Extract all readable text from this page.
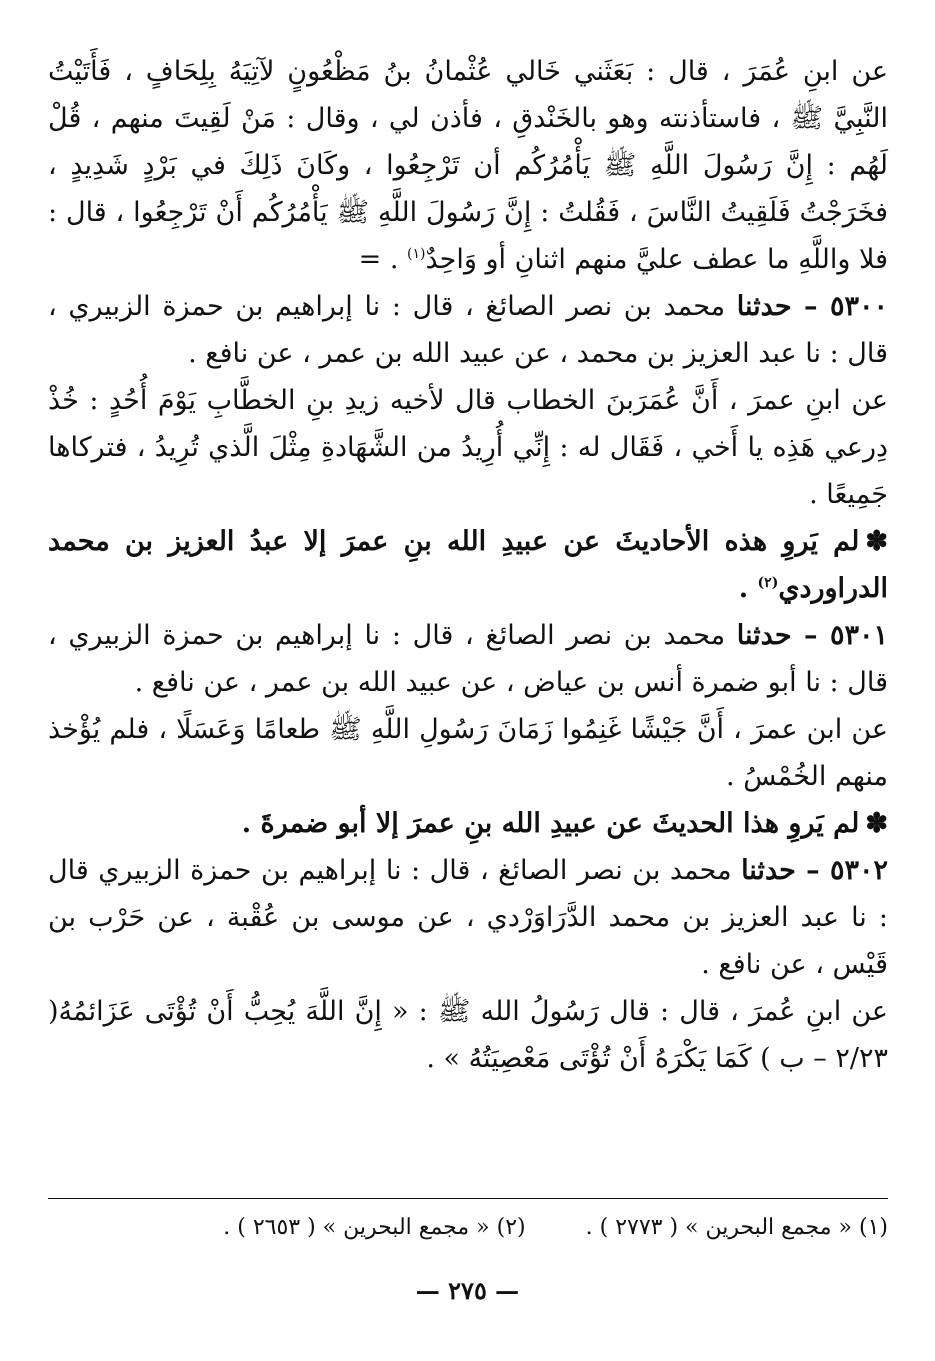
عن ابنِ عُمَرَ ، قال : بَعَثَني خَالي عُثْمانُ بنُ مَظْعُونٍ لآتِيَهُ بِلِحَافٍ ، فَأَتَيْتُ النَّبِيَّ ﷺ ، فاستأذنته وهو بالخَنْدقِ ، فأذن لي ، وقال : مَنْ لَقِيتَ منهم ، قُلْ لَهُم : إِنَّ رَسُولَ اللَّهِ ﷺ يَأْمُرُكُم أن تَرْجِعُوا ، وكَانَ ذَلِكَ في بَرْدٍ شَدِيدٍ ، فخَرَجْتُ فَلَقِيتُ النَّاسَ ، فَقُلتُ : إِنَّ رَسُولَ اللَّهِ ﷺ يَأْمُرُكُم أَنْ تَرْجِعُوا ، قال : فلا واللَّهِ ما عطف عليَّ منهم اثنانِ أو وَاحِدٌ$^{(١)}$ . =

٥٣٠٠ – حدثنا محمد بن نصر الصائغ ، قال : نا إبراهيم بن حمزة الزبيري ، قال : نا عبد العزيز بن محمد ، عن عبيد الله بن عمر ، عن نافع .

عن ابنِ عمرَ ، أَنَّ عُمَرَبنَ الخطاب قال لأخيه زيدِ بنِ الخطَّابِ يَوْمَ أُحُدٍ : خُذْ دِرعي هَذِه يا أَخي ، فَقَال له : إِنِّي أُرِيدُ من الشَّهَادةِ مِثْلَ الَّذي تُرِيدُ ، فتركاها جَمِيعًا .

✽لم يَروِ هذه الأحاديثَ عن عبيدِ الله بنِ عمرَ إلا عبدُ العزيز بن محمد الدراوردي$^{(٢)}$ .

٥٣٠١ – حدثنا محمد بن نصر الصائغ ، قال : نا إبراهيم بن حمزة الزبيري ، قال : نا أبو ضمرة أنس بن عياض ، عن عبيد الله بن عمر ، عن نافع .

عن ابن عمرَ ، أَنَّ جَيْشًا غَنِمُوا زَمَانَ رَسُولِ اللَّهِ ﷺ طعامًا وَعَسَلًا ، فلم يُؤْخذ منهم الخُمْسُ .

✽لم يَروِ هذا الحديثَ عن عبيدِ الله بنِ عمرَ إلا أبو ضمرةَ .

٥٣٠٢ – حدثنا محمد بن نصر الصائغ ، قال : نا إبراهيم بن حمزة الزبيري قال : نا عبد العزيز بن محمد الدَّرَاوَرْدي ، عن موسى بن عُقْبة ، عن حَرْب بن قَيْس ، عن نافع .

عن ابنِ عُمرَ ، قال : قال رَسُولُ الله ﷺ : « إِنَّ اللَّهَ يُحِبُّ أَنْ تُؤْتَى عَزَائمُهُ( ٢/٢٣ – ب ) كَمَا يَكْرَهُ أَنْ تُؤْتَى مَعْصِيَتُهُ » .

(١) « مجمع البحرين » ( ٢٧٧٣ ) .
(٢) « مجمع البحرين » ( ٢٦٥٣ ) .
— ٢٧٥ —
